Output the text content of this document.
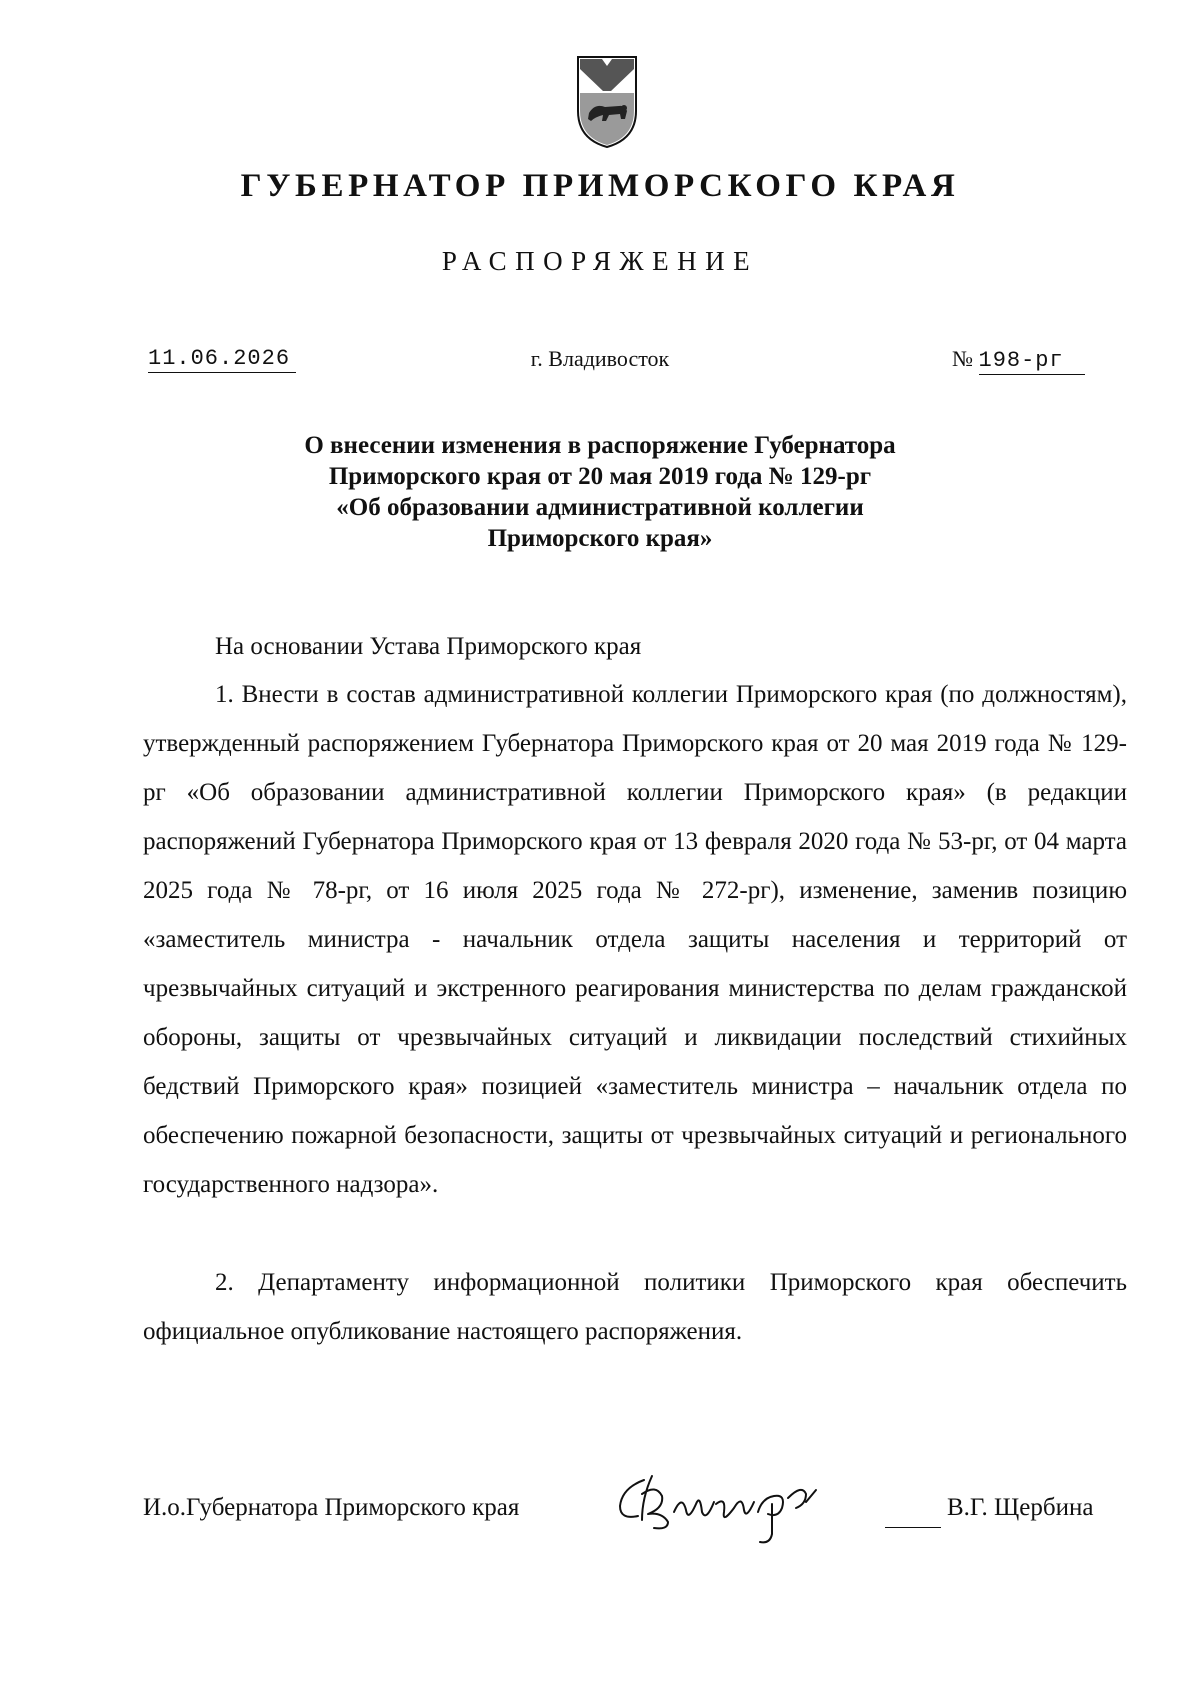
ГУБЕРНАТОР ПРИМОРСКОГО КРАЯ
РАСПОРЯЖЕНИЕ
11.06.2026	г. Владивосток	№ 198-рг
О внесении изменения в распоряжение Губернатора
Приморского края от 20 мая 2019 года № 129-рг
«Об образовании административной коллегии
Приморского края»
На основании Устава Приморского края
1. Внести в состав административной коллегии Приморского края (по должностям), утвержденный распоряжением Губернатора Приморского края от 20 мая 2019 года № 129-рг «Об образовании административной коллегии Приморского края» (в редакции распоряжений Губернатора Приморского края от 13 февраля 2020 года № 53-рг, от 04 марта 2025 года № 78-рг, от 16 июля 2025 года № 272-рг), изменение, заменив позицию «заместитель министра - начальник отдела защиты населения и территорий от чрезвычайных ситуаций и экстренного реагирования министерства по делам гражданской обороны, защиты от чрезвычайных ситуаций и ликвидации последствий стихийных бедствий Приморского края» позицией «заместитель министра – начальник отдела по обеспечению пожарной безопасности, защиты от чрезвычайных ситуаций и регионального государственного надзора».
2. Департаменту информационной политики Приморского края обеспечить официальное опубликование настоящего распоряжения.
И.о.Губернатора Приморского края	В.Г. Щербина
